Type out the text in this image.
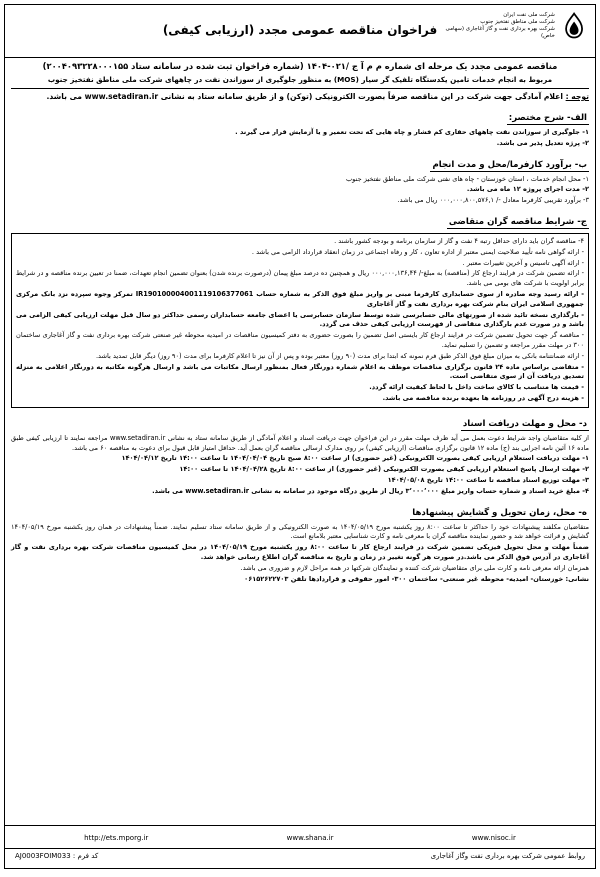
شرکت ملی نفت ایران
شرکت ملی مناطق نفتخیز جنوب
شرکت بهره برداری نفت و گاز آغاجاری (سهامی خاص)
فراخوان مناقصه عمومی مجدد (ارزیابی کیفی)
مناقصه عمومی مجدد یک مرحله ای شماره م م آ ج /۰۲۱-۱۴۰۴ (شماره فراخوان ثبت شده در سامانه ستاد ۲۰۰۴۰۹۳۲۲۸۰۰۰۱۵۵)
مربوط به انجام خدمات تامین یکدستگاه تلفیک گر سیار (MOS) به منظور جلوگیری از سوزاندن نفت در چاههای شرکت ملی مناطق نفتخیز جنوب
توجه : اعلام آمادگی جهت شرکت در این مناقصه صرفاً بصورت الکترونیکی (توکن) و از طریق سامانه ستاد به نشانی www.setadiran.ir می باشد.
الف- شرح مختصر:
۱- جلوگیری از سوزاندن نفت چاههای حفاری کم فشار و چاه هایی که تحت تعمیر و یا آزمایش قرار می گیرند .
۲- پرژه تعدیل پذیر می باشد.
ب- برآورد کارفرما/محل و مدت انجام
۱- محل انجام خدمات ، استان خوزستان - چاه های نفتی شرکت ملی مناطق نفتخیز جنوب
۲- مدت اجرای پروژه ۱۲ ماه می باشد.
۳- برآورد تقریبی کارفرما معادل -/ ۰۰۰,۰۰۰,۸۰۰,۵۷۶,۱ ریال می باشد.
ج- شرایط مناقصه گران متقاضی
۴- مناقصه گران باید دارای حداقل رتبه ۴ نفت و گاز از سازمان برنامه و بودجه کشور باشند .
- ارائه گواهی نامه تأیید صلاحیت ایمنی معتبر از اداره تعاون ، کار و رفاه اجتماعی در زمان انعقاد قرارداد الزامی می باشد .
- ارائه آگهی تاسیس و آخرین تغییرات معتبر .
- ارائه تضمین شرکت در فرایند ارجاع کار (مناقصه) به مبلغ-/ ۰۰۰,۰۰۰,۱۳۶,۴۴ ریال و همچنین ده درصد مبلغ پیمان (درصورت برنده شدن) بعنوان تضمین انجام تعهدات، ضمنا در تعیین برنده مناقصه و در شرایط برابر اولویت با شرکت های بومی می باشد.
- ارائه رسید وجه صادره از سوی حسابداری کارفرما مبنی بر واریز مبلغ فوق الذکر به شماره حساب IR190100004001119106377061 تمرکز وجوه سپرده نزد بانک مرکزی جمهوری اسلامی ایران بنام شرکت بهره برداری نفت و گاز آغاجاری
- بارگذاری نسخه تائید شده از صورتهای مالی حسابرسی شده توسط سازمان حسابرسی یا اعضای جامعه حسابداران رسمی حداکثر دو سال قبل مهلت ارزیابی کیفی الزامی می باشد و در صورت عدم بارگذاری متقاضی از فهرست ارزیابی کیفی حذف می گردد.
- مناقصه گر جهت تحویل تضمین شرکت در فرایند ارجاع کار بایستی اصل تضمین را بصورت حضوری به دفتر کمیسیون مناقصات در امیدیه محوطه غیر صنعتی شرکت بهره برداری نفت و گاز آغاجاری ساختمان ۳۰۰ در مهلت مقرر مراجعه و تضمین را تسلیم نماید.
- ارائه ضمانتنامه بانکی به میزان مبلغ فوق الذکر طبق فرم نمونه که ابتدا برای مدت (۹۰ روز) معتبر بوده و پس از آن نیز تا اعلام کارفرما برای مدت (۹۰ روز) دیگر قابل تمدید باشد.
- متقاضی براساس ماده ۲۴ قانون برگزاری مناقصات موظف به اعلام شماره دورنگار فعال بمنظور ارسال مکاتبات می باشد و ارسال هرگونه مکاتبه به دورنگار اعلامی به منزله تصدیق دریافت آن از سوی متقاضی است.
- قیمت ها متناسب با کالای ساخت داخل با لحاظ کیفیت ارائه گردد.
- هزینه درج آگهی در روزنامه ها بعهده برنده مناقصه می باشد.
د- محل و مهلت دریافت اسناد
از کلیه متقاضیان واجد شرایط دعوت بعمل می آید ظرف مهلت مقرر در این فراخوان جهت دریافت اسناد و اعلام آمادگی از طریق سامانه ستاد به نشانی www.setadiran.ir مراجعه نمایند تا ارزیابی کیفی طبق ماده ۱۶ آئین نامه اجرایی بند (ج) ماده ۱۲ قانون برگزاری مناقصات (ارزیابی کیفی) بر روی مدارک ارسالی مناقصه گران بعمل آید. حداقل امتیاز قابل قبول برای دعوت به مناقصه ۶۰ می باشد.
۱- مهلت دریافت استعلام ارزیابی کیفی بصورت الکترونیکی (غیر حضوری) از ساعت ۸:۰۰ صبح تاریخ ۱۴۰۴/۰۴/۰۴ تا ساعت ۱۴:۰۰ تاریخ ۱۴۰۴/۰۴/۱۲
۲- مهلت ارسال پاسخ استعلام ارزیابی کیفی بصورت الکترونیکی (غیر حضوری) از ساعت ۸:۰۰ تاریخ ۱۴۰۴/۰۴/۲۸ تا ساعت ۱۴:۰۰
۳- مهلت توزیع اسناد مناقصه تا ساعت ۱۴:۰۰ تاریخ ۱۴۰۴/۰۵/۰۸
۴- مبلغ خرید اسناد و شماره حساب واریز مبلغ ۳٬۰۰۰٬۰۰۰ ریال از طریق درگاه موجود در سامانه به نشانی www.setadiran.ir می باشد.
ه- محل، زمان تحویل و گشایش پیشنهادها
متقاضیان مکلفند پیشنهادات خود را حداکثر تا ساعت ۸:۰۰ روز یکشنبه مورخ ۱۴۰۴/۰۵/۱۹ به صورت الکترونیکی و از طریق سامانه ستاد تسلیم نمایند. ضمناً پیشنهادات در همان روز یکشنبه مورخ ۱۴۰۴/۰۵/۱۹ گشایش و قرائت خواهد شد و حضور نماینده مناقصه گران با معرفی نامه و کارت شناسایی معتبر بلامانع است.
ضمناً مهلت و محل تحویل فیزیکی تضمین شرکت در فرایند ارجاع کار تا ساعت ۸:۰۰ روز یکشنبه مورخ ۱۴۰۴/۰۵/۱۹ در محل کمیسیون مناقصات شرکت بهره برداری نفت و گاز آغاجاری در آدرس فوق الذکر می باشد.در صورت هر گونه تغییر در زمان و تاریخ به مناقصه گران اطلاع رسانی خواهد شد.
همزمان ارائه معرفی نامه و کارت ملی برای متقاضیان شرکت کننده و نمایندگان شرکتها در همه مراحل لازم و ضروری می باشد.
نشانی: خوزستان- امیدیه- محوطه غیر صنعتی- ساختمان ۳۰۰- امور حقوقی و قراردادها تلفن ۰۶۱۵۲۶۲۲۷۰۳
http://ets.mporg.ir	www.shana.ir	www.nisoc.ir
روابط عمومی شرکت بهره برداری نفت وگاز آغاجاری
کد فرم : AJ0003FOIM033
